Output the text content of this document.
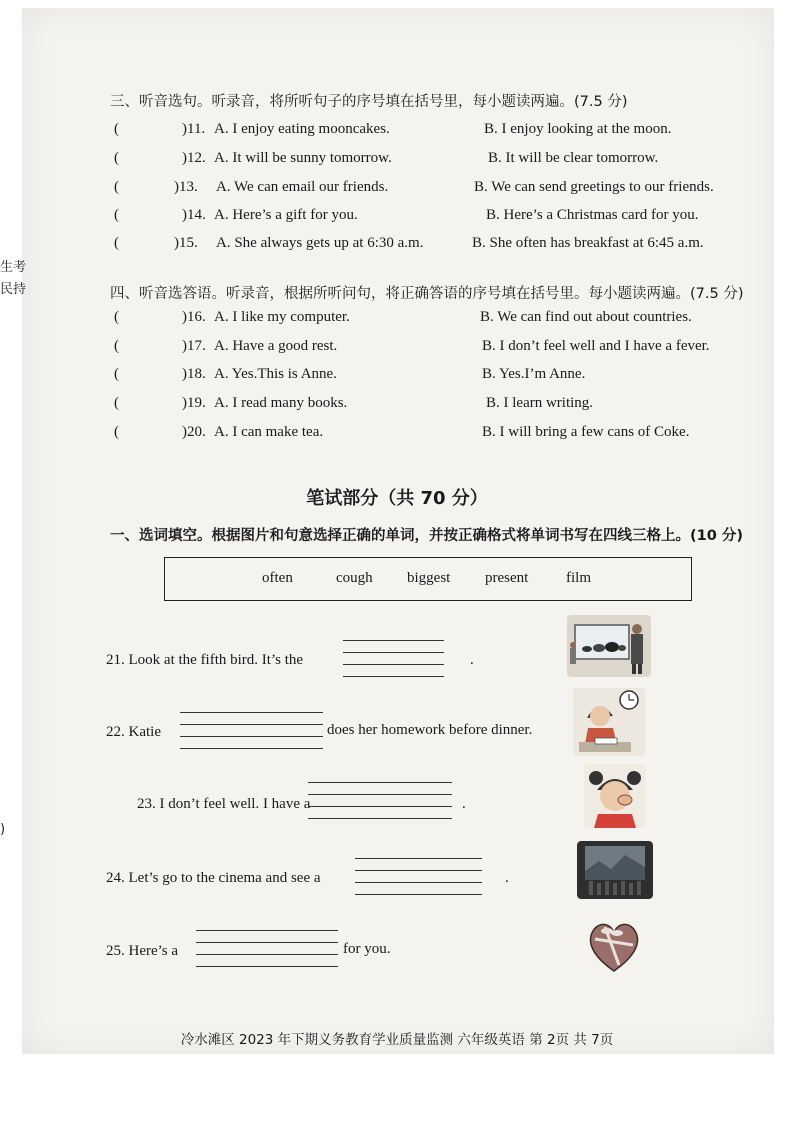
生考
民持
)
三、听音选句。听录音，将所听句子的序号填在括号里，每小题读两遍。(7.5 分)
(	)11. A. I enjoy eating mooncakes.	B. I enjoy looking at the moon.
(	)12. A. It will be sunny tomorrow.	B. It will be clear tomorrow.
(	)13. A. We can email our friends.	B. We can send greetings to our friends.
(	)14. A. Here’s a gift for you.	B. Here’s a Christmas card for you.
(	)15. A. She always gets up at 6:30 a.m.	B. She often has breakfast at 6:45 a.m.
四、听音选答语。听录音，根据所听问句，将正确答语的序号填在括号里。每小题读两遍。(7.5 分)
(	)16. A. I like my computer.	B. We can find out about countries.
(	)17. A. Have a good rest.	B. I don’t feel well and I have a fever.
(	)18. A. Yes.This is Anne.	B. Yes.I’m Anne.
(	)19. A. I read many books.	B. I learn writing.
(	)20. A. I can make tea.	B. I will bring a few cans of Coke.
笔试部分（共 70 分）
一、选词填空。根据图片和句意选择正确的单词，并按正确格式将单词书写在四线三格上。(10 分)
often	cough biggest present	film
21. Look at the fifth bird. It’s the	.
22. Katie	does her homework before dinner.
23. I don’t feel well. I have a	.
24. Let’s go to the cinema and see a	.
25. Here’s a	for you.
冷水滩区 2023 年下期义务教育学业质量监测 六年级英语 第 2页 共 7页
